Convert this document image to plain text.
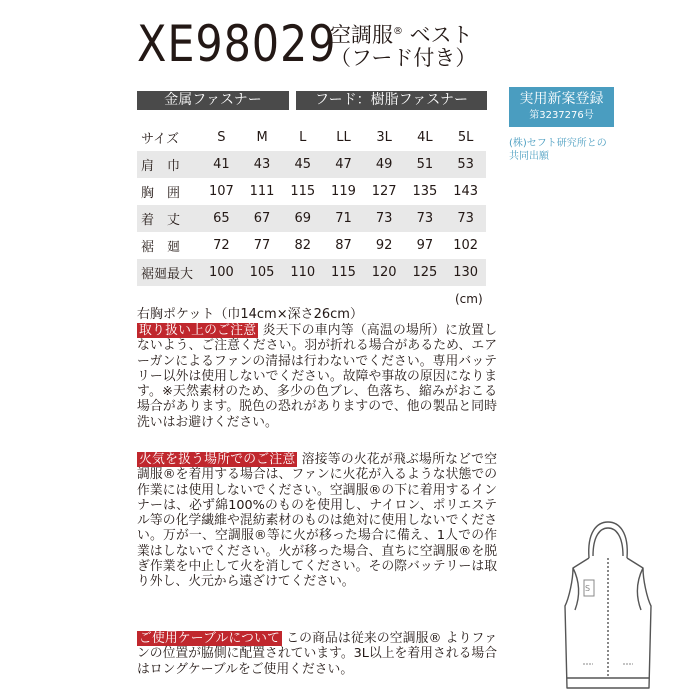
XE98029
空調服® ベスト
（フード付き）
金属ファスナー	フード：樹脂ファスナー	実用新案登録
第3237276号
(株)セフト研究所との
共同出願
サイズ	S	M	L	LL	3L	4L	5L
肩　巾	41	43	45	47	49	51	53
胸　囲	107	111	115	119	127	135	143
着　丈	65	67	69	71	73	73	73
裾　廻	72	77	82	87	92	97	102
裾廻最大	100	105	110	115	120	125	130
(cm)
右胸ポケット（巾14cm×深さ26cm）
取り扱い上のご注意 炎天下の車内等（高温の場所）に放置しないよう、ご注意ください。羽が折れる場合があるため、エアーガンによるファンの清掃は行わないでください。専用バッテリー以外は使用しないでください。故障や事故の原因になります。※天然素材のため、多少の色ブレ、色落ち、縮みがおこる場合があります。脱色の恐れがありますので、他の製品と同時洗いはお避けください。
火気を扱う場所でのご注意 溶接等の火花が飛ぶ場所などで空調服®を着用する場合は、ファンに火花が入るような状態での作業には使用しないでください。空調服®の下に着用するインナーは、必ず綿100%のものを使用し、ナイロン、ポリエステル等の化学繊維や混紡素材のものは絶対に使用しないでください。万が一、空調服®等に火が移った場合に備え、1人での作業はしないでください。火が移った場合、直ちに空調服®を脱ぎ作業を中止して火を消してください。その際バッテリーは取り外し、火元から遠ざけてください。
ご使用ケーブルについて この商品は従来の空調服® よりファンの位置が脇側に配置されています。3L以上を着用される場合はロングケーブルをご使用ください。
S
